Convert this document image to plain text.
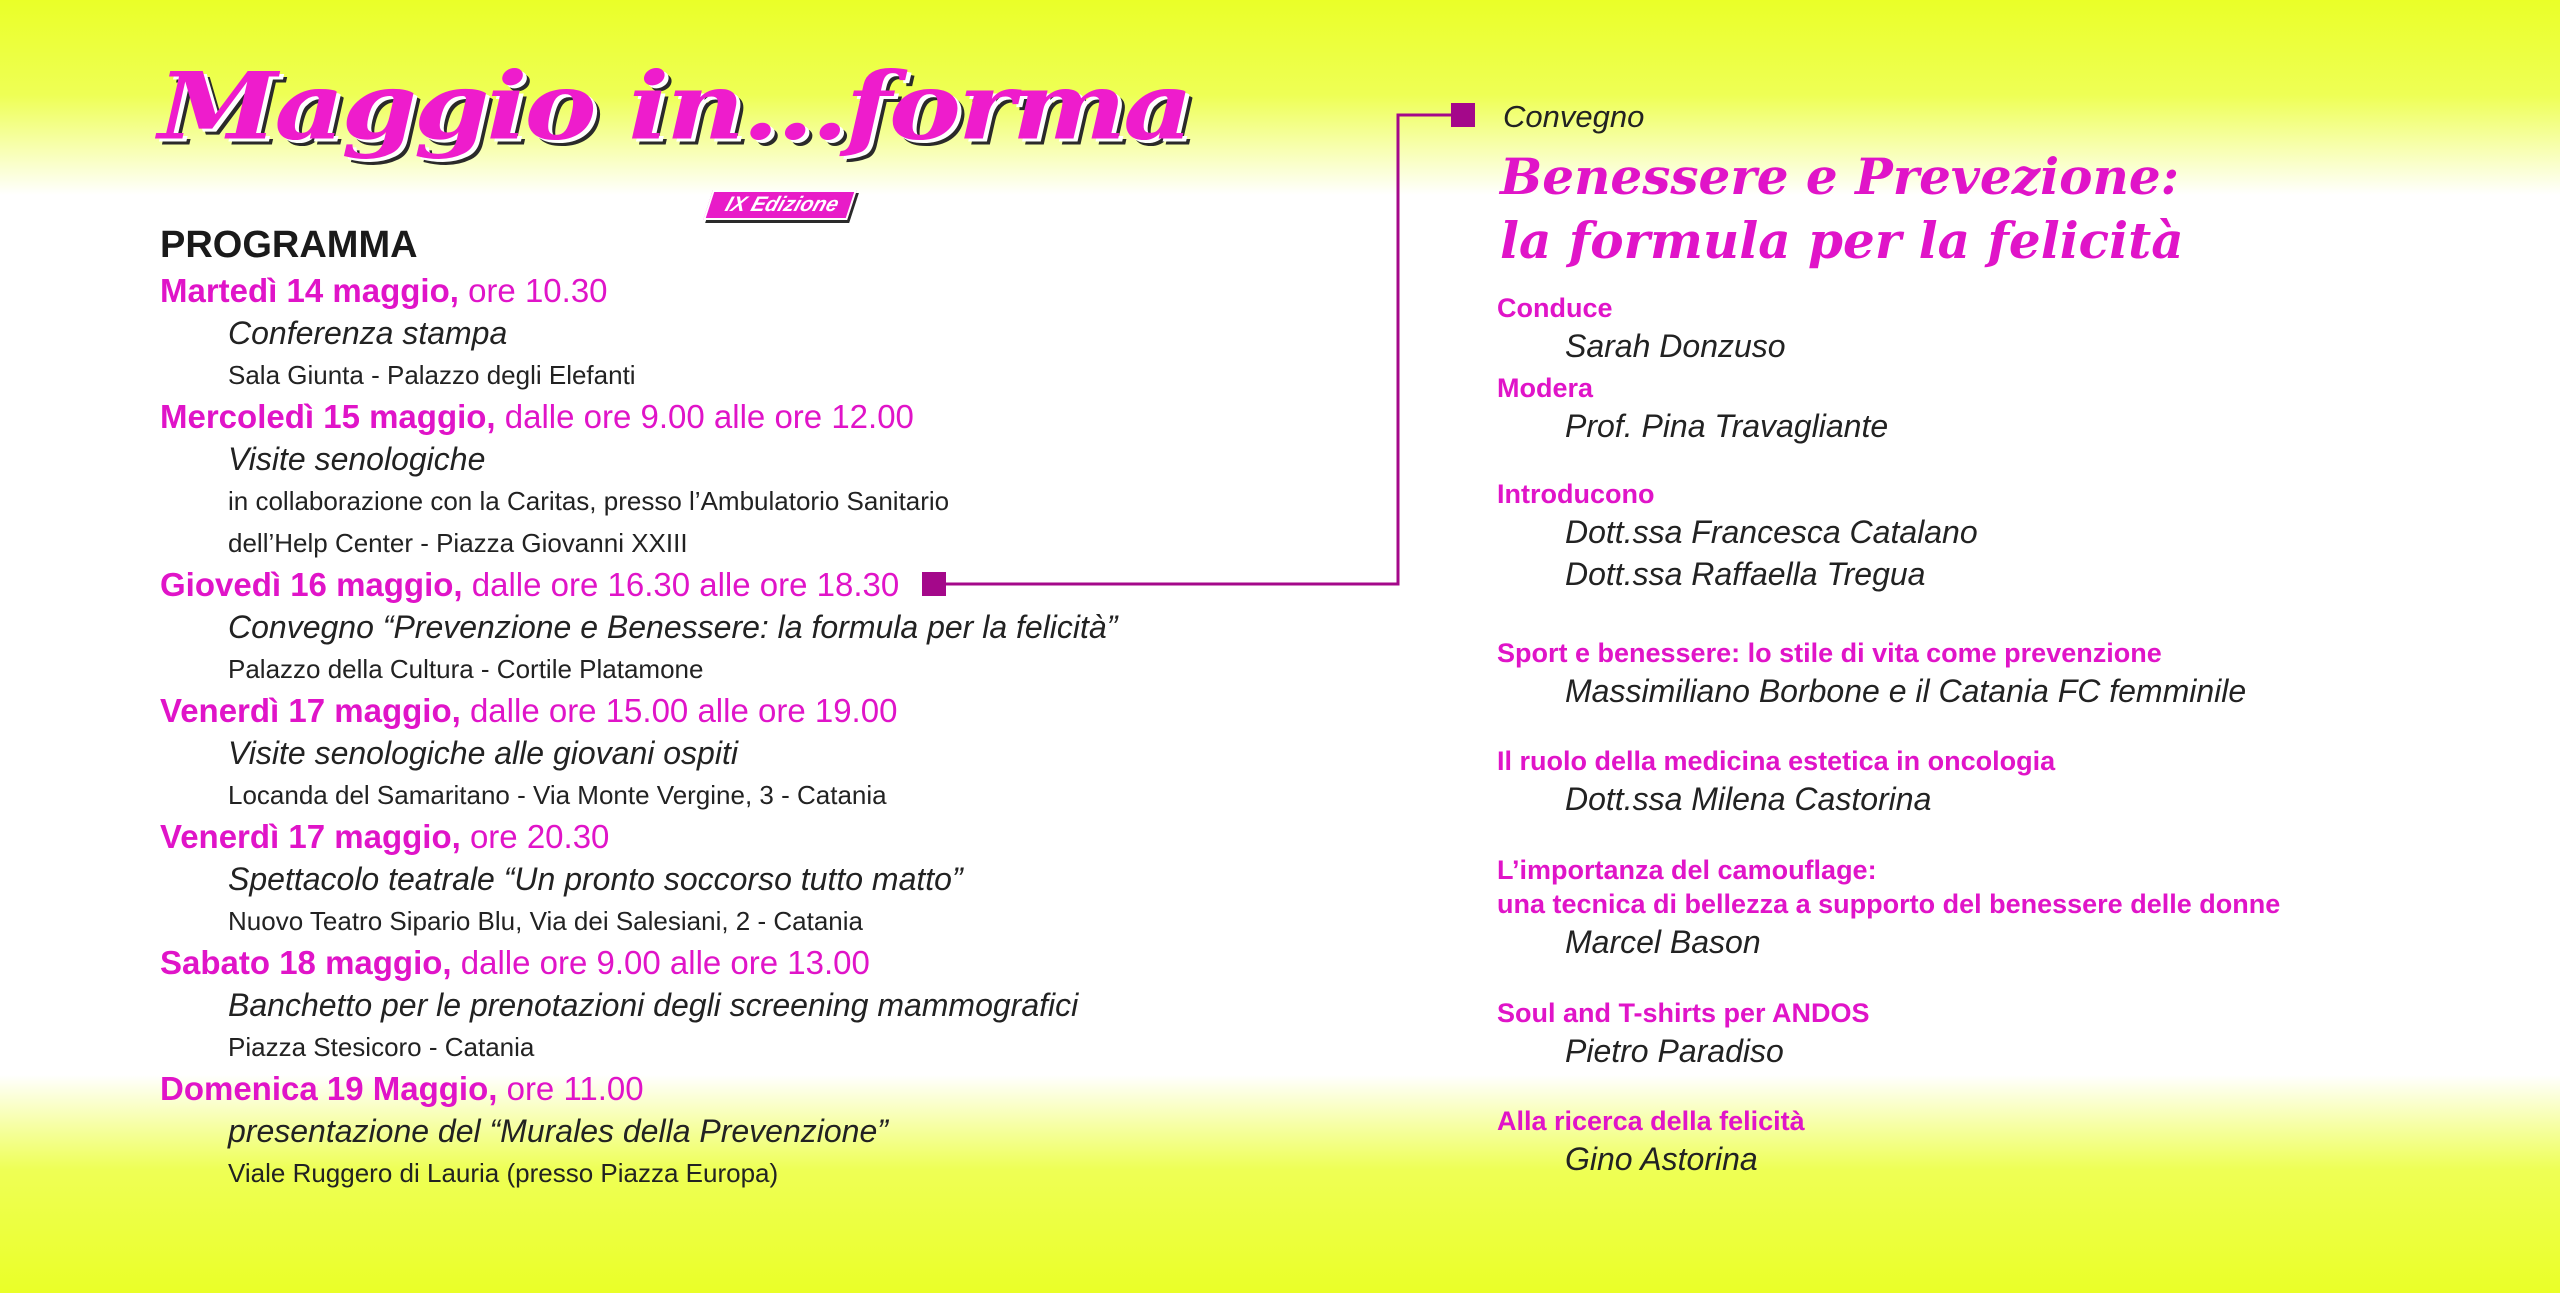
Maggio in...forma
IX Edizione
PROGRAMMA
Martedì 14 maggio, ore 10.30
Conferenza stampa
Sala Giunta - Palazzo degli Elefanti
Mercoledì 15 maggio, dalle ore 9.00 alle ore 12.00
Visite senologiche
in collaborazione con la Caritas, presso l’Ambulatorio Sanitario
dell’Help Center - Piazza Giovanni XXIII
Giovedì 16 maggio, dalle ore 16.30 alle ore 18.30
Convegno “Prevenzione e Benessere: la formula per la felicità”
Palazzo della Cultura - Cortile Platamone
Venerdì 17 maggio, dalle ore 15.00 alle ore 19.00
Visite senologiche alle giovani ospiti
Locanda del Samaritano - Via Monte Vergine, 3 - Catania
Venerdì 17 maggio, ore 20.30
Spettacolo teatrale “Un pronto soccorso tutto matto”
Nuovo Teatro Sipario Blu, Via dei Salesiani, 2 - Catania
Sabato 18 maggio, dalle ore 9.00 alle ore 13.00
Banchetto per le prenotazioni degli screening mammografici
Piazza Stesicoro - Catania
Domenica 19 Maggio, ore 11.00
presentazione del “Murales della Prevenzione”
Viale Ruggero di Lauria (presso Piazza Europa)
Convegno
Benessere e Prevezione:
la formula per la felicità
Conduce
Sarah Donzuso
Modera
Prof. Pina Travagliante
Introducono
Dott.ssa Francesca Catalano
Dott.ssa Raffaella Tregua
Sport e benessere: lo stile di vita come prevenzione
Massimiliano Borbone e il Catania FC femminile
Il ruolo della medicina estetica in oncologia
Dott.ssa Milena Castorina
L’importanza del camouflage:
una tecnica di bellezza a supporto del benessere delle donne
Marcel Bason
Soul and T-shirts per ANDOS
Pietro Paradiso
Alla ricerca della felicità
Gino Astorina
